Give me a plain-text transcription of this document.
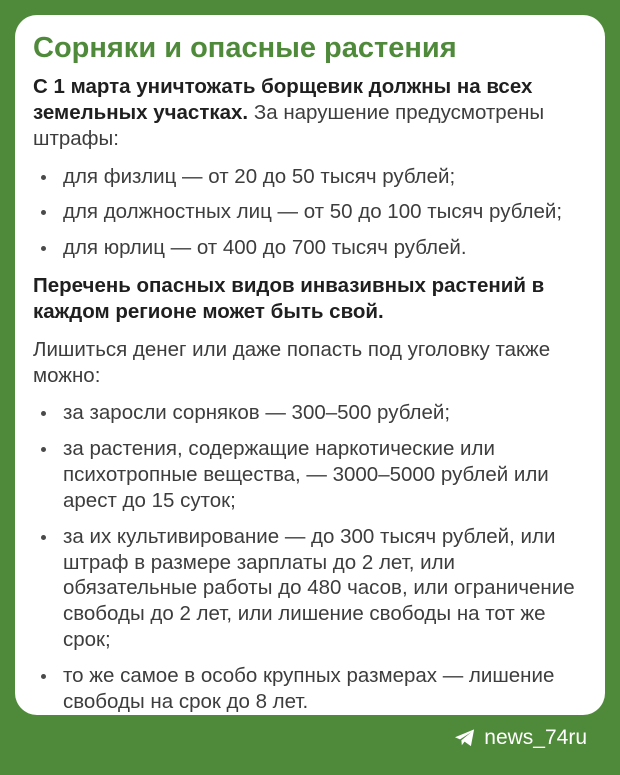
Сорняки и опасные растения

С 1 марта уничтожать борщевик должны на всех земельных участках. За нарушение предусмотрены штрафы:

для физлиц — от 20 до 50 тысяч рублей;
для должностных лиц — от 50 до 100 тысяч рублей;
для юрлиц — от 400 до 700 тысяч рублей.

Перечень опасных видов инвазивных растений в каждом регионе может быть свой.

Лишиться денег или даже попасть под уголовку также можно:

за заросли сорняков — 300–500 рублей;
за растения, содержащие наркотические или психотропные вещества, — 3000–5000 рублей или арест до 15 суток;
за их культивирование — до 300 тысяч рублей, или штраф в размере зарплаты до 2 лет, или обязательные работы до 480 часов, или ограничение свободы до 2 лет, или лишение свободы на тот же срок;
то же самое в особо крупных размерах — лишение свободы на срок до 8 лет.
news_74ru
